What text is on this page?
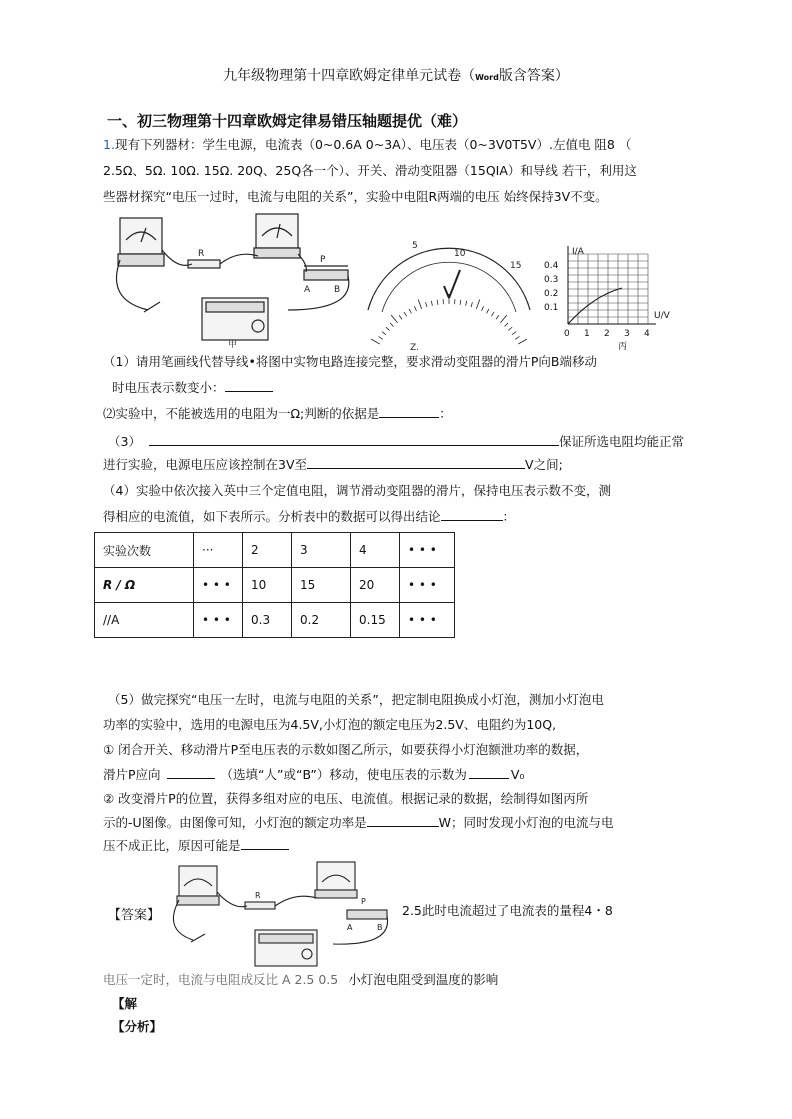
九年级物理第十四章欧姆定律单元试卷（Word版含答案）
一、初三物理第十四章欧姆定律易错压轴题提优（难）
1.现有下列器材：学生电源，电流表（0~0.6A 0~3A）、电压表（0~3V0T5V）.左值电 阻8 （
2.5Ω、5Ω. 10Ω. 15Ω. 20Q、25Q各一个）、开关、滑动变阻器（15QIA）和导线 若干，利用这
些器材探究“电压一过时，电流与电阻的关系”，实验中电阻R两端的电压 始终保持3V不变。
R
P
A	B
甲
5
10
15
Z.
I/A
U/V
0.4
0.3
0.2
0.1
0 1 2 3 4
丙
（1）请用笔画线代替导线•将图中实物电路连接完整，要求滑动变阻器的滑片P向B端移动
时电压表示数变小：
⑵实验中，不能被选用的电阻为一Ω;判断的依据是	：
（3）	保证所选电阻均能正常
进行实验，电源电压应该控制在3V至	V之间;
（4）实验中依次接入英中三个定值电阻，调节滑动变阻器的滑片，保持电压表示数不变，测
得相应的电流值，如下表所示。分析表中的数据可以得出结论	：
实验次数	···	2	3	4	• • •
R / Ω	• • •	10	15	20	• • •
//A	• • •	0.3	0.2	0.15	• • •
（5）做完探究“电压一左时，电流与电阻的关系”，把定制电阻换成小灯泡，测加小灯泡电
功率的实验中，选用的电源电压为4.5V,小灯泡的额定电压为2.5V、电阻约为10Q,
① 闭合开关、移动滑片P至电压表的示数如图乙所示，如要获得小灯泡额泄功率的数据，
滑片P应向	（选填“人”或“B”）移动，使电压表的示数为	V₀
② 改变滑片P的位置，获得多组对应的电压、电流值。根据记录的数据，绘制得如图丙所
示的-U图像。由图像可知，小灯泡的额定功率是	W；同时发现小灯泡的电流与电
压不成正比，原因可能是
【答案】
R
P
A	B
2.5此时电流超过了电流表的量程4・8
电压一定时，电流与电阻成反比 A 2.5 0.5 小灯泡电阻受到温度的影响
【解
【分析】
